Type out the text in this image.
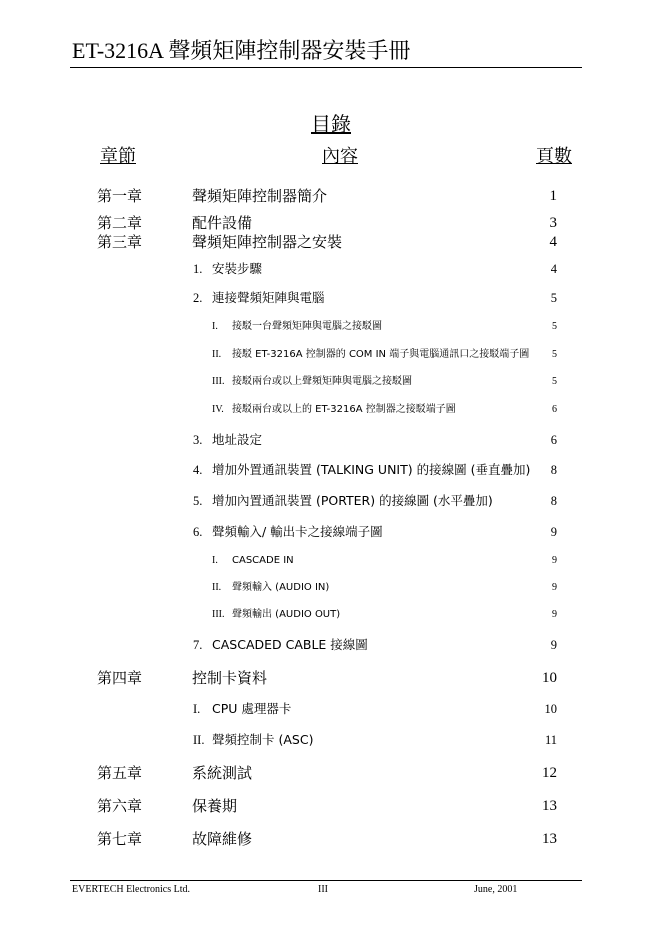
ET-3216A 聲頻矩陣控制器安裝手冊
目錄
章節	內容	頁數
第一章	聲頻矩陣控制器簡介	1
第二章	配件設備	3
第三章	聲頻矩陣控制器之安裝	4
1. 安裝步驟	4
2. 連接聲頻矩陣與電腦	5
I. 接駁一台聲頻矩陣與電腦之接駁圖	5
II. 接駁 ET-3216A 控制器的 COM IN 端子與電腦通訊口之接駁端子圖 5
III. 接駁兩台或以上聲頻矩陣與電腦之接駁圖	5
IV. 接駁兩台或以上的 ET-3216A 控制器之接駁端子圖	6
3. 地址設定	6
4. 增加外置通訊裝置 (TALKING UNIT) 的接線圖 (垂直疊加) 8
5. 增加內置通訊裝置 (PORTER) 的接線圖 (水平疊加)	8
6. 聲頻輸入/ 輸出卡之接線端子圖	9
I. CASCADE IN	9
II. 聲頻輸入 (AUDIO IN)	9
III. 聲頻輸出 (AUDIO OUT)	9
7. CASCADED CABLE 接線圖	9
第四章	控制卡資料	10
I. CPU 處理器卡	10
II. 聲頻控制卡 (ASC)	11
第五章	系統測試	12
第六章	保養期	13
第七章	故障維修	13
EVERTECH Electronics Ltd.	III	June, 2001
